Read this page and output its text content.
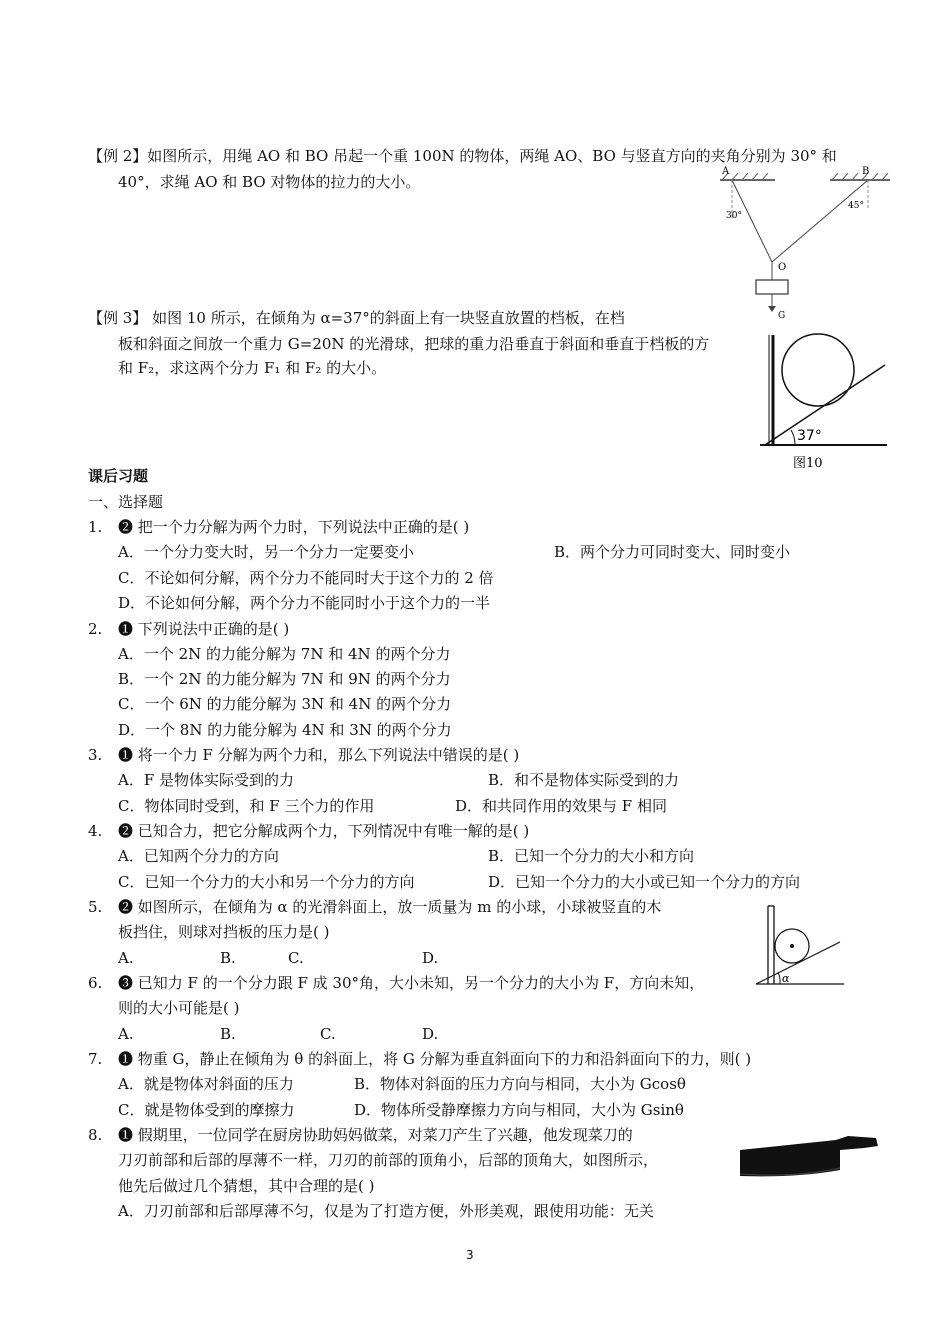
【例 2】如图所示，用绳 AO 和 BO 吊起一个重 100N 的物体，两绳 AO、BO 与竖直方向的夹角分别为 30° 和
40°，求绳 AO 和 BO 对物体的拉力的大小。
A	B
30°
45°
O
G
【例 3】 如图 10 所示，在倾角为 α=37°的斜面上有一块竖直放置的档板，在档
板和斜面之间放一个重力 G=20N 的光滑球，把球的重力沿垂直于斜面和垂直于档板的方
和 F₂，求这两个分力 F₁ 和 F₂ 的大小。
37°
图10
课后习题
一、选择题
1. ❷ 把一个力分解为两个力时，下列说法中正确的是( )
A．一个分力变大时，另一个分力一定要变小	B．两个分力可同时变大、同时变小
C．不论如何分解，两个分力不能同时大于这个力的 2 倍
D．不论如何分解，两个分力不能同时小于这个力的一半
2. ❶ 下列说法中正确的是( )
A．一个 2N 的力能分解为 7N 和 4N 的两个分力
B．一个 2N 的力能分解为 7N 和 9N 的两个分力
C．一个 6N 的力能分解为 3N 和 4N 的两个分力
D．一个 8N 的力能分解为 4N 和 3N 的两个分力
3. ❶ 将一个力 F 分解为两个力和，那么下列说法中错误的是( )
A．F 是物体实际受到的力	B．和不是物体实际受到的力
C．物体同时受到，和 F 三个力的作用	D．和共同作用的效果与 F 相同
4. ❷ 已知合力，把它分解成两个力，下列情况中有唯一解的是( )
A．已知两个分力的方向	B．已知一个分力的大小和方向
C．已知一个分力的大小和另一个分力的方向	D．已知一个分力的大小或已知一个分力的方向
5. ❷ 如图所示，在倾角为 α 的光滑斜面上，放一质量为 m 的小球，小球被竖直的木
板挡住，则球对挡板的压力是( )
A.	B.	C.	D.
α
6. ❸ 已知力 F 的一个分力跟 F 成 30°角，大小未知，另一个分力的大小为 F，方向未知，
则的大小可能是( )
A.	B.	C.	D.
7. ❶ 物重 G，静止在倾角为 θ 的斜面上，将 G 分解为垂直斜面向下的力和沿斜面向下的力，则( )
A．就是物体对斜面的压力	B．物体对斜面的压力方向与相同，大小为 Gcosθ
C．就是物体受到的摩擦力	D．物体所受静摩擦力方向与相同，大小为 Gsinθ
8. ❶ 假期里，一位同学在厨房协助妈妈做菜，对菜刀产生了兴趣，他发现菜刀的
刀刃前部和后部的厚薄不一样，刀刃的前部的顶角小，后部的顶角大，如图所示，
他先后做过几个猜想，其中合理的是( )
A．刀刃前部和后部厚薄不匀，仅是为了打造方便，外形美观，跟使用功能：无关
3
